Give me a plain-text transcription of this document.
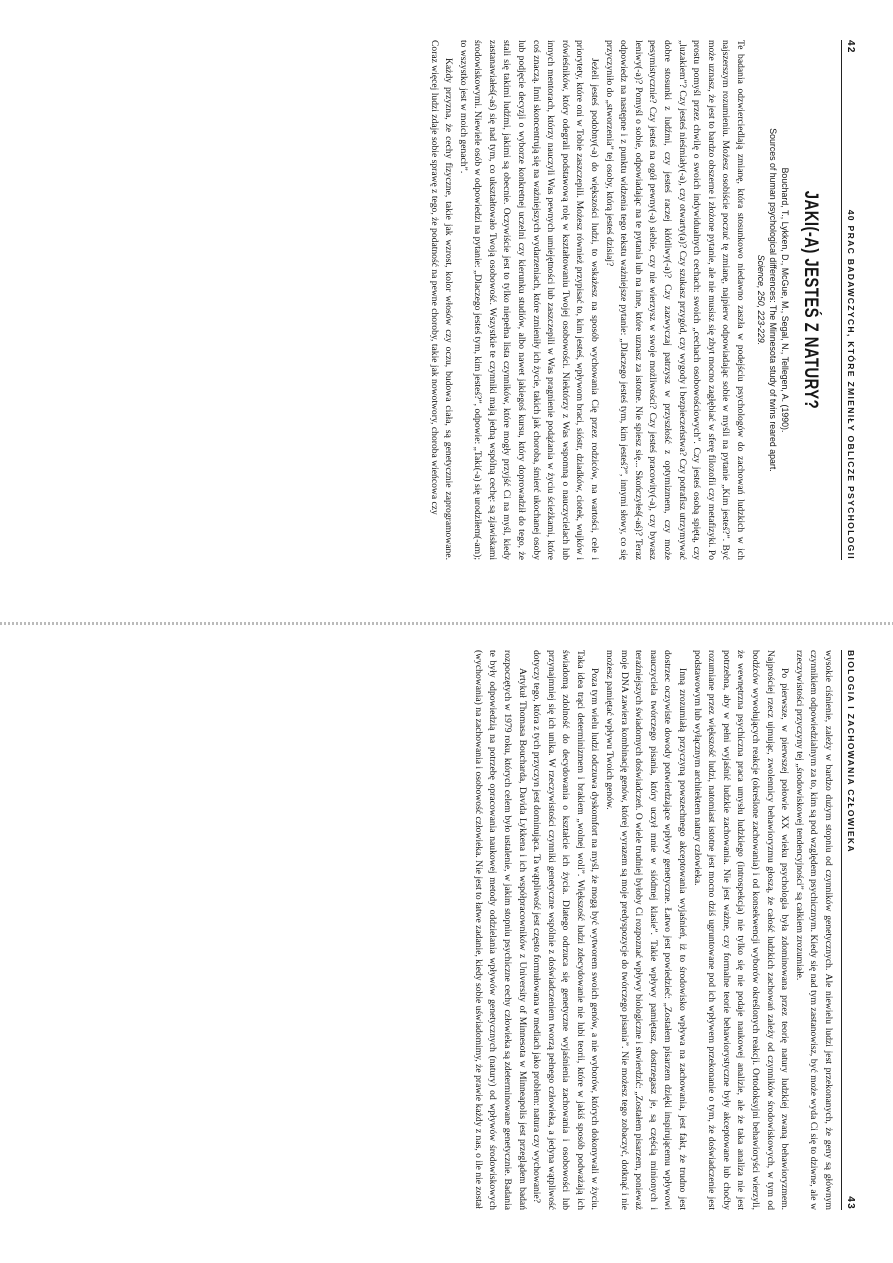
42
40 PRAC BADAWCZYCH, KTÓRE ZMIENIŁY OBLICZE PSYCHOLOGII
JAKI(-A) JESTEŚ Z NATURY?
Bouchard, T., Lykken, D., McGue, M., Segal, N., Tellegen, A. (1990).
Sources of human psychological differences: The Minnesota study of twins reared apart.
Science, 250, 223-229.

Te badania odzwierciedlają zmianę, która stosunkowo niedawno zaszła w podejściu psychologów do zachowań ludzkich w ich najszerszym rozumieniu. Możesz osobiście poczuć tę zmianę, najpierw odpowiadając sobie w myśli na pytanie „Kim jesteś?”. Być może uznasz, że jest to bardzo obszerne i złożone pytanie, ale nie musisz się zbyt mocno zagłębiać w sferę filozofii czy metafizyki. Po prostu pomyśl przez chwilę o swoich indywidualnych cechach: swoich „cechach osobowościowych”. Czy jesteś osobą spiętą, czy „luzakiem”? Czy jesteś nieśmiały(-a), czy otwarty(a)? Czy szukasz przygód, czy wygody i bezpieczeństwa? Czy potrafisz utrzymywać dobre stosunki z ludźmi, czy jesteś raczej kłótliwy(-a)? Czy zazwyczaj patrzysz w przyszłość z optymizmem, czy może pesymistycznie? Czy jesteś na ogół pewny(-a) siebie, czy nie wierzysz w swoje możliwości? Czy jesteś pracowity(-a), czy bywasz leniwy(-a)? Pomyśl o sobie, odpowiadając na te pytania lub na inne, które uznasz za istotne. Nie spiesz się... Skończyłeś(-aś)? Teraz odpowiedz na następne i z punktu widzenia tego tekstu ważniejsze pytanie: „Dlaczego jesteś tym, kim jesteś?”, innymi słowy, co się przyczyniło do „stworzenia” tej osoby, którą jesteś dzisiaj?

Jeżeli jesteś podobny(-a) do większości ludzi, to wskażesz na sposób wychowania Cię przez rodziców, na wartości, cele i priorytety, które oni w Tobie zaszczepili. Możesz również przypisać to, kim jesteś, wpływom braci, sióstr, dziadków, ciotek, wujków i rówieśników, który odegrali podstawową rolę w kształtowaniu Twojej osobowości. Niektórzy z Was wspomną o nauczycielach lub innych mentorach, którzy nauczyli Was pewnych umiejętności lub zaszczepili w Was pragnienie podążania w życiu ścieżkami, które coś znaczą. Inni skoncentrują się na ważniejszych wydarzeniach, które zmieniły ich życie, takich jak choroba, śmierć ukochanej osoby lub podjęcie decyzji o wyborze konkretnej uczelni czy kierunku studiów, albo nawet jakiegoś kursu, który doprowadził do tego, że stali się takimi ludźmi, jakimi są obecnie. Oczywiście jest to tylko niepełna lista czynników, które mogły przyjść Ci na myśl, kiedy zastanawiałeś(-aś) się nad tym, co ukształtowało Twoją osobowość. Wszystkie te czynniki mają jedną wspólną cechę: są zjawiskami środowiskowymi. Niewiele osób w odpowiedzi na pytanie: „Dlaczego jesteś tym, kim jesteś?”, odpowie: „Taki(-a) się urodziłem(-am); to wszystko jest w moich genach”.

Każdy przyzna, że cechy fizyczne, takie jak wzrost, kolor włosów czy oczu, budowa ciała, są genetycznie zaprogramowane. Coraz więcej ludzi zdaje sobie sprawę z tego, że podatność na pewne choroby, takie jak nowotwory, choroba wieńcowa czy

BIOLOGIA I ZACHOWANIA CZŁOWIEKA
43

wysokie ciśnienie, zależy w bardzo dużym stopniu od czynników genetycznych. Ale niewielu ludzi jest przekonanych, że geny są głównym czynnikiem odpowiedzialnym za to, kim są pod względem psychicznym. Kiedy się nad tym zastanowisz, być może wyda Ci się to dziwne, ale w rzeczywistości przyczyny tej „środowiskowej tendencyjności” są całkiem zrozumiałe.

Po pierwsze, w pierwszej połowie XX wieku psychologia była zdominowana przez teorię natury ludzkiej zwaną behawioryzmem. Najprościej rzecz ujmując, zwolennicy behawioryzmu głoszą, że całość ludzkich zachowań zależy od czynników środowiskowych, w tym od bodźców wywołujących reakcje (określone zachowania) i od konsekwencji wyborów określonych reakcji. Ortodoksyjni behawioryści wierzyli, że wewnętrzna psychiczna praca umysłu ludzkiego (introspekcja) nie tylko się nie podaje naukowej analizie, ale że taka analiza nie jest potrzebna, aby w pełni wyjaśnić ludzkie zachowania. Nie jest ważne, czy formalne teorie behawiorystyczne były akceptowane lub choćby rozumiane przez większość ludzi, natomiast istotne jest mocno dziś ugruntowane pod ich wpływem przekonanie o tym, że doświadczenie jest podstawowym lub wyłącznym architektem natury człowieka.

Inną zrozumiałą przyczyną powszechnego akceptowania wyjaśnień, iż to środowisko wpływa na zachowania, jest fakt, że trudno jest dostrzec oczywiste dowody potwierdzające wpływy genetyczne. Łatwo jest powiedzieć: „Zostałem pisarzem dzięki inspirującemu wpływowi nauczyciela twórczego pisania, który uczył mnie w siódmej klasie”. Takie wpływy pamiętasz, dostrzegasz je, są częścią minionych i teraźniejszych świadomych doświadczeń. O wiele trudniej byłoby Ci rozpoznać wpływy biologiczne i stwierdzić: „Zostałem pisarzem, ponieważ moje DNA zawiera kombinację genów, której wyrazem są moje predyspozycje do twórczego pisania”. Nie możesz tego zobaczyć, dotknąć i nie możesz pamiętać wpływu Twoich genów.

Poza tym wielu ludzi odczuwa dyskomfort na myśl, że mogą być wytworem swoich genów, a nie wyborów, których dokonywali w życiu. Taka idea trąci determinizmem i brakiem „wolnej woli”. Większość ludzi zdecydowanie nie lubi teorii, które w jakiś sposób podważają ich świadomą zdolność do decydowania o kształcie ich życia. Dlatego odrzuca się genetyczne wyjaśnienia zachowania i osobowości lub przynajmniej się ich unika. W rzeczywistości czynniki genetyczne wspólnie z doświadczeniem tworzą pełnego człowieka, a jedyna wątpliwość dotyczy tego, która z tych przyczyn jest dominująca. Ta wątpliwość jest często formułowana w mediach jako problem: natura czy wychowanie?

Artykuł Thomasa Boucharda, Davida Lykkena i ich współpracowników z University of Minnesota w Minneapolis jest przeglądem badań rozpoczętych w 1979 roku, których celem było ustalenie, w jakim stopniu psychiczne cechy człowieka są zdeterminowane genetycznie. Badania te były odpowiedzią na potrzebę opracowania naukowej metody oddzielania wpływów genetycznych (natury) od wpływów środowiskowych (wychowania) na zachowania i osobowość człowieka. Nie jest to łatwe zadanie, kiedy sobie uświadomimy, że prawie każdy z nas, o ile nie został
